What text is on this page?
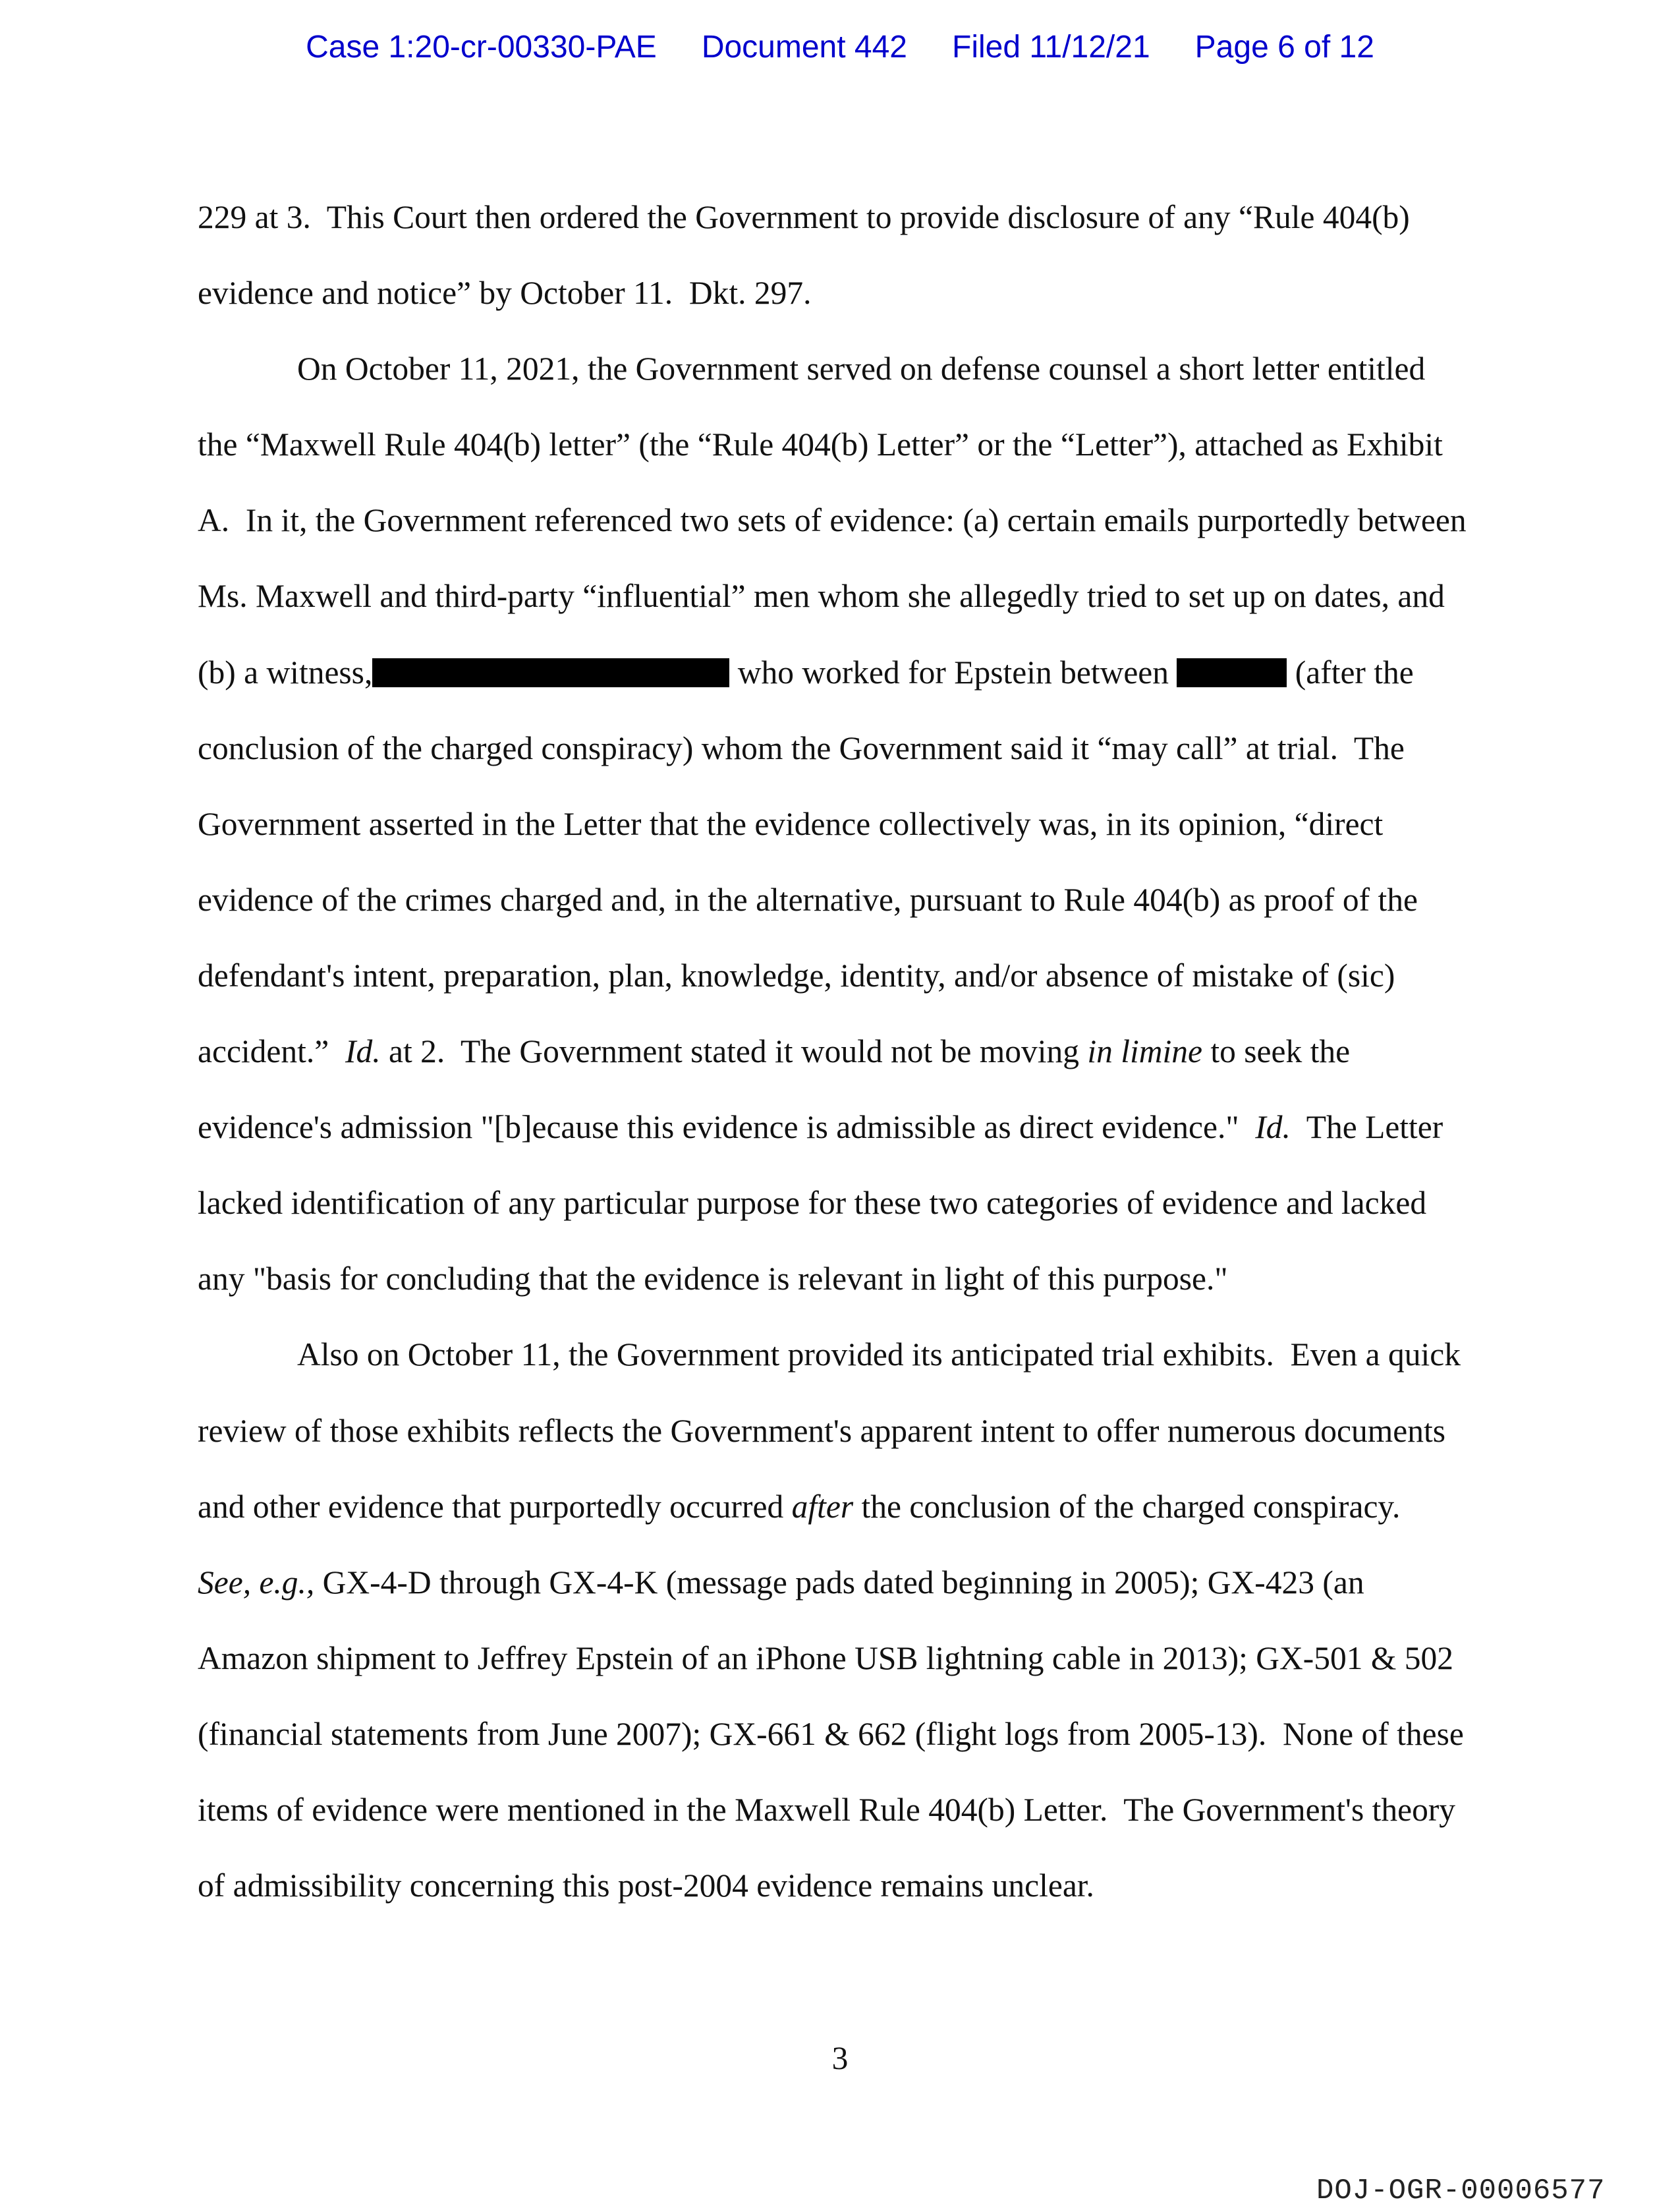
Case 1:20-cr-00330-PAE Document 442 Filed 11/12/21 Page 6 of 12
229 at 3.  This Court then ordered the Government to provide disclosure of any “Rule 404(b)
evidence and notice” by October 11.  Dkt. 297.
On October 11, 2021, the Government served on defense counsel a short letter entitled
the “Maxwell Rule 404(b) letter” (the “Rule 404(b) Letter” or the “Letter”), attached as Exhibit
A.  In it, the Government referenced two sets of evidence: (a) certain emails purportedly between
Ms. Maxwell and third-party “influential” men whom she allegedly tried to set up on dates, and
(b) a witness,	who worked for Epstein between	(after the
conclusion of the charged conspiracy) whom the Government said it “may call” at trial.  The
Government asserted in the Letter that the evidence collectively was, in its opinion, “direct
evidence of the crimes charged and, in the alternative, pursuant to Rule 404(b) as proof of the
defendant's intent, preparation, plan, knowledge, identity, and/or absence of mistake of (sic)
accident.”  Id. at 2.  The Government stated it would not be moving in limine to seek the
evidence's admission "[b]ecause this evidence is admissible as direct evidence."  Id.  The Letter
lacked identification of any particular purpose for these two categories of evidence and lacked
any "basis for concluding that the evidence is relevant in light of this purpose."
Also on October 11, the Government provided its anticipated trial exhibits.  Even a quick
review of those exhibits reflects the Government's apparent intent to offer numerous documents
and other evidence that purportedly occurred after the conclusion of the charged conspiracy.
See, e.g., GX-4-D through GX-4-K (message pads dated beginning in 2005); GX-423 (an
Amazon shipment to Jeffrey Epstein of an iPhone USB lightning cable in 2013); GX-501 & 502
(financial statements from June 2007); GX-661 & 662 (flight logs from 2005-13).  None of these
items of evidence were mentioned in the Maxwell Rule 404(b) Letter.  The Government's theory
of admissibility concerning this post-2004 evidence remains unclear.
3
DOJ-OGR-00006577
